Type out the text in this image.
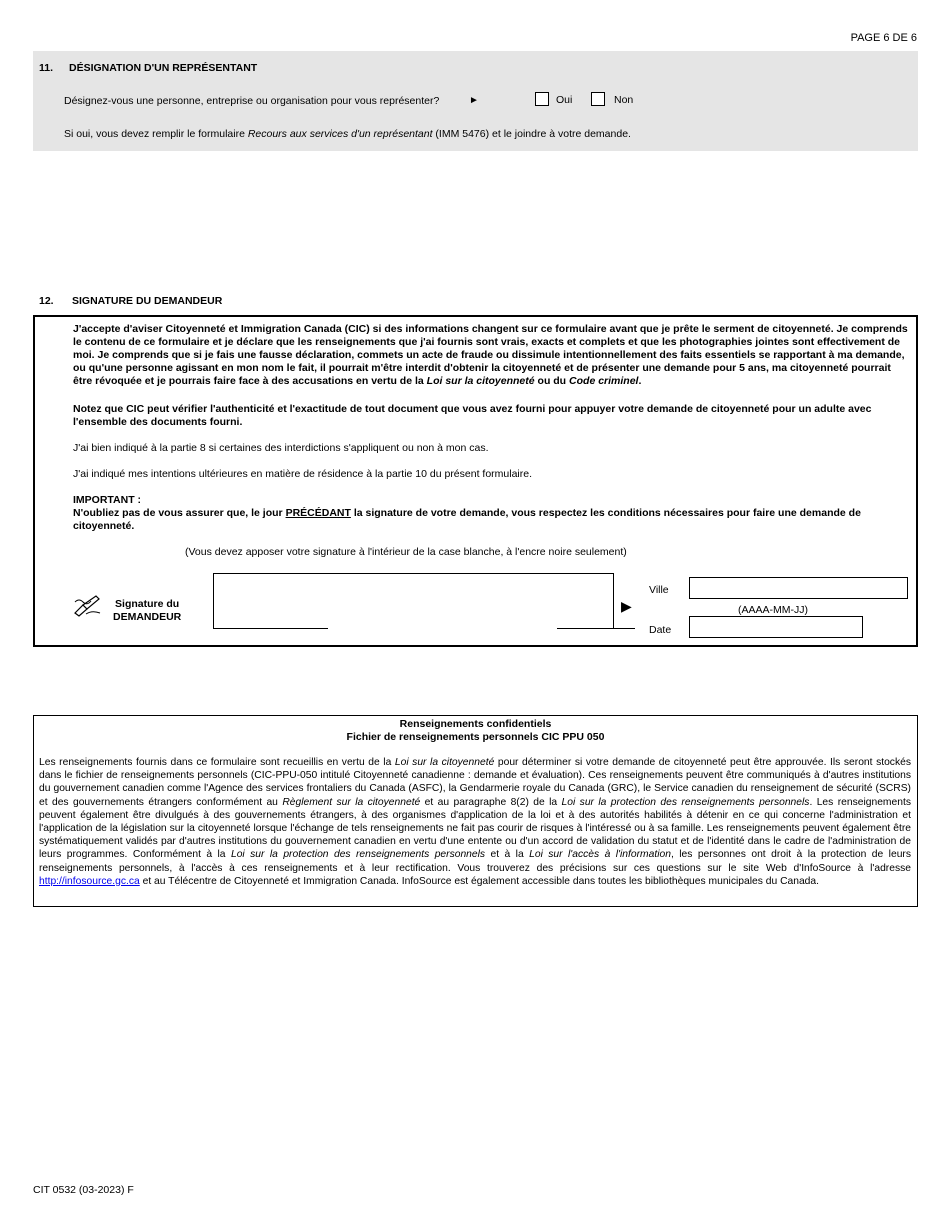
PAGE 6 DE 6
11. DÉSIGNATION D'UN REPRÉSENTANT
Désignez-vous une personne, entreprise ou organisation pour vous représenter?	►	Oui	Non
Si oui, vous devez remplir le formulaire Recours aux services d'un représentant (IMM 5476) et le joindre à votre demande.
12. SIGNATURE DU DEMANDEUR

J'accepte d'aviser Citoyenneté et Immigration Canada (CIC) si des informations changent sur ce formulaire avant que je prête le serment de citoyenneté. Je comprends le contenu de ce formulaire et je déclare que les renseignements que j'ai fournis sont vrais, exacts et complets et que les photographies jointes sont effectivement de moi. Je comprends que si je fais une fausse déclaration, commets un acte de fraude ou dissimule intentionnellement des faits essentiels se rapportant à ma demande, ou qu'une personne agissant en mon nom le fait, il pourrait m'être interdit d'obtenir la citoyenneté et de présenter une demande pour 5 ans, ma citoyenneté pourrait être révoquée et je pourrais faire face à des accusations en vertu de la Loi sur la citoyenneté ou du Code criminel.

Notez que CIC peut vérifier l'authenticité et l'exactitude de tout document que vous avez fourni pour appuyer votre demande de citoyenneté pour un adulte avec l'ensemble des documents fourni.

J'ai bien indiqué à la partie 8 si certaines des interdictions s'appliquent ou non à mon cas.

J'ai indiqué mes intentions ultérieures en matière de résidence à la partie 10 du présent formulaire.

IMPORTANT :

N'oubliez pas de vous assurer que, le jour PRÉCÉDANT la signature de votre demande, vous respectez les conditions nécessaires pour faire une demande de citoyenneté.

(Vous devez apposer votre signature à l'intérieur de la case blanche, à l'encre noire seulement)

Signature du
DEMANDEUR
▶
Ville
(AAAA-MM-JJ)
Date
Renseignements confidentiels
Fichier de renseignements personnels CIC PPU 050
Les renseignements fournis dans ce formulaire sont recueillis en vertu de la Loi sur la citoyenneté pour déterminer si votre demande de citoyenneté peut être approuvée. Ils seront stockés dans le fichier de renseignements personnels (CIC-PPU-050 intitulé Citoyenneté canadienne : demande et évaluation). Ces renseignements peuvent être communiqués à d'autres institutions du gouvernement canadien comme l'Agence des services frontaliers du Canada (ASFC), la Gendarmerie royale du Canada (GRC), le Service canadien du renseignement de sécurité (SCRS) et des gouvernements étrangers conformément au Règlement sur la citoyenneté et au paragraphe 8(2) de la Loi sur la protection des renseignements personnels. Les renseignements peuvent également être divulgués à des gouvernements étrangers, à des organismes d'application de la loi et à des autorités habilités à détenir en ce qui concerne l'administration et l'application de la législation sur la citoyenneté lorsque l'échange de tels renseignements ne fait pas courir de risques à l'intéressé ou à sa famille. Les renseignements peuvent également être systématiquement validés par d'autres institutions du gouvernement canadien en vertu d'une entente ou d'un accord de validation du statut et de l'identité dans le cadre de l'administration de leurs programmes. Conformément à la Loi sur la protection des renseignements personnels et à la Loi sur l'accès à l'information, les personnes ont droit à la protection de leurs renseignements personnels, à l'accès à ces renseignements et à leur rectification. Vous trouverez des précisions sur ces questions sur le site Web d'InfoSource à l'adresse http://infosource.gc.ca et au Télécentre de Citoyenneté et Immigration Canada. InfoSource est également accessible dans toutes les bibliothèques municipales du Canada.
CIT 0532 (03-2023) F
